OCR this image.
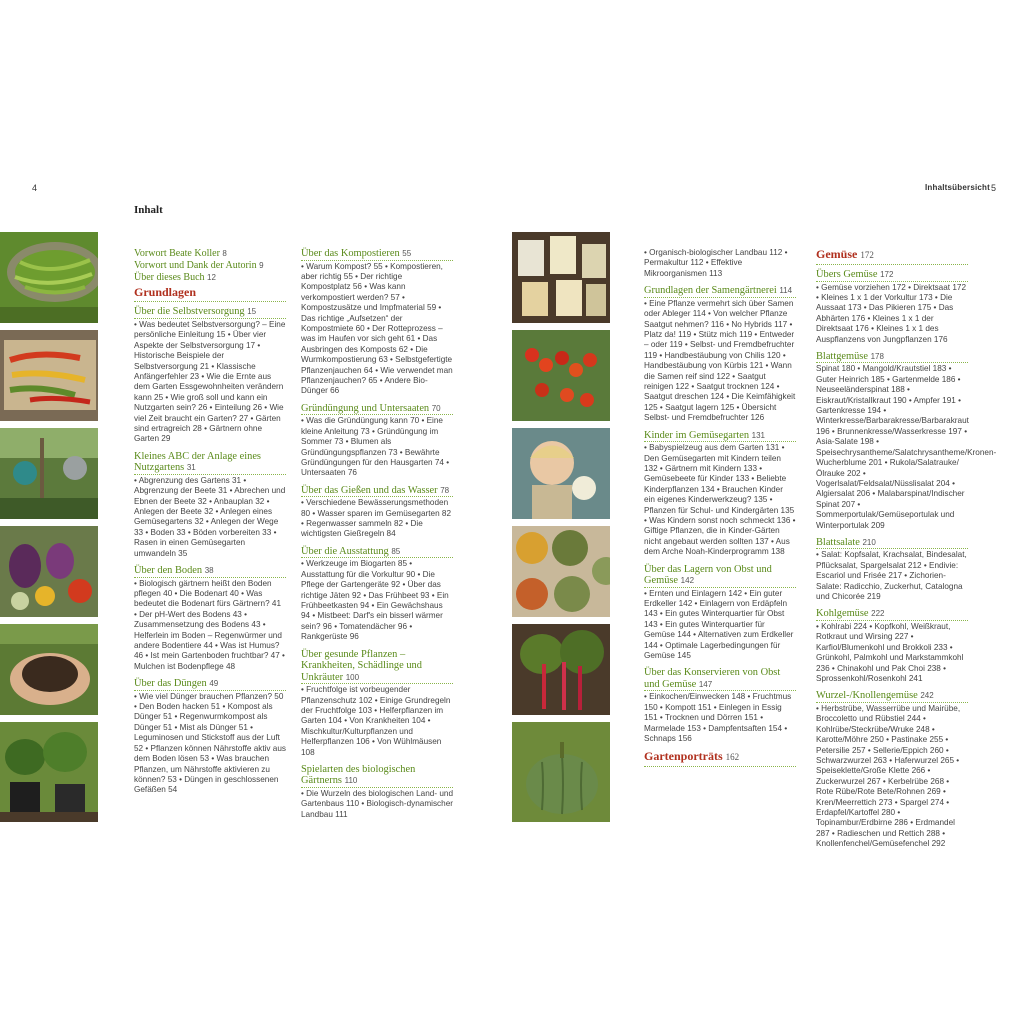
4	5
Inhaltsübersicht
Inhalt
Vorwort Beate Koller 8
Vorwort und Dank der Autorin 9
Über dieses Buch 12
Grundlagen
Über die Selbstversorgung 15

• Was bedeutet Selbstversorgung? – Eine persönliche Einleitung 15 • Über vier Aspekte der Selbstversorgung 17 • Historische Beispiele der Selbstversorgung 21 • Klassische Anfängerfehler 23 • Wie die Ernte aus dem Garten Essgewohnheiten verändern kann 25 • Wie groß soll und kann ein Nutzgarten sein? 26 • Einteilung 26 • Wie viel Zeit braucht ein Garten? 27 • Gärten sind ertragreich 28 • Gärtnern ohne Garten 29

Kleines ABC der Anlage eines Nutzgartens 31

• Abgrenzung des Gartens 31 • Abgrenzung der Beete 31 • Abrechen und Ebnen der Beete 32 • Anbauplan 32 • Anlegen der Beete 32 • Anlegen eines Gemüsegartens 32 • Anlegen der Wege 33 • Boden 33 • Böden vorbereiten 33 • Rasen in einen Gemüsegarten umwandeln 35

Über den Boden 38

• Biologisch gärtnern heißt den Boden pflegen 40 • Die Bodenart 40 • Was bedeutet die Bodenart fürs Gärtnern? 41 • Der pH-Wert des Bodens 43 • Zusammensetzung des Bodens 43 • Helferlein im Boden – Regenwürmer und andere Bodentiere 44 • Was ist Humus? 46 • Ist mein Gartenboden fruchtbar? 47 • Mulchen ist Bodenpflege 48

Über das Düngen 49

• Wie viel Dünger brauchen Pflanzen? 50 • Den Boden hacken 51 • Kompost als Dünger 51 • Regenwurmkompost als Dünger 51 • Mist als Dünger 51 • Leguminosen und Stickstoff aus der Luft 52 • Pflanzen können Nährstoffe aktiv aus dem Boden lösen 53 • Was brauchen Pflanzen, um Nährstoffe aktivieren zu können? 53 • Düngen in geschlossenen Gefäßen 54

Über das Kompostieren 55

• Warum Kompost? 55 • Kompostieren, aber richtig 55 • Der richtige Kompostplatz 56 • Was kann verkompostiert werden? 57 • Kompostzusätze und Impfmaterial 59 • Das richtige „Aufsetzen“ der Kompostmiete 60 • Der Rotteprozess – was im Haufen vor sich geht 61 • Das Ausbringen des Komposts 62 • Die Wurmkompostierung 63 • Selbstgefertigte Pflanzenjauchen 64 • Wie verwendet man Pflanzenjauchen? 65 • Andere Bio-Dünger 66

Gründüngung und Untersaaten 70

• Was die Gründüngung kann 70 • Eine kleine Anleitung 73 • Gründüngung im Sommer 73 • Blumen als Gründüngungspflanzen 73 • Bewährte Gründüngungen für den Hausgarten 74 • Untersaaten 76

Über das Gießen und das Wasser 78

• Verschiedene Bewässerungsmethoden 80 • Wasser sparen im Gemüsegarten 82 • Regenwasser sammeln 82 • Die wichtigsten Gießregeln 84

Über die Ausstattung 85

• Werkzeuge im Biogarten 85 • Ausstattung für die Vorkultur 90 • Die Pflege der Gartengeräte 92 • Über das richtige Jäten 92 • Das Frühbeet 93 • Ein Frühbeetkasten 94 • Ein Gewächshaus 94 • Mistbeet: Darf's ein bisserl wärmer sein? 96 • Tomatendächer 96 • Rankgerüste 96

Über gesunde Pflanzen – Krankheiten, Schädlinge und Unkräuter 100

• Fruchtfolge ist vorbeugender Pflanzenschutz 102 • Einige Grundregeln der Fruchtfolge 103 • Helferpflanzen im Garten 104 • Von Krankheiten 104 • Mischkultur/Kulturpflanzen und Helferpflanzen 106 • Von Wühlmäusen 108

Spielarten des biologischen Gärtnerns 110

• Die Wurzeln des biologischen Land- und Gartenbaus 110 • Biologisch-dynamischer Landbau 111

• Organisch-biologischer Landbau 112 • Permakultur 112 • Effektive Mikroorganismen 113

Grundlagen der Samengärtnerei 114

• Eine Pflanze vermehrt sich über Samen oder Ableger 114 • Von welcher Pflanze Saatgut nehmen? 116 • No Hybrids 117 • Platz da! 119 • Stütz mich 119 • Entweder – oder 119 • Selbst- und Fremdbefruchter 119 • Handbestäubung von Chilis 120 • Handbestäubung von Kürbis 121 • Wann die Samen reif sind 122 • Saatgut reinigen 122 • Saatgut trocknen 124 • Saatgut dreschen 124 • Die Keimfähigkeit 125 • Saatgut lagern 125 • Übersicht Selbst- und Fremdbefruchter 126

Kinder im Gemüsegarten 131

• Babyspielzeug aus dem Garten 131 • Den Gemüsegarten mit Kindern teilen 132 • Gärtnern mit Kindern 133 • Gemüsebeete für Kinder 133 • Beliebte Kinderpflanzen 134 • Brauchen Kinder ein eigenes Kinderwerkzeug? 135 • Pflanzen für Schul- und Kindergärten 135 • Was Kindern sonst noch schmeckt 136 • Giftige Pflanzen, die in Kinder-Gärten nicht angebaut werden sollten 137 • Aus dem Arche Noah-Kinderprogramm 138

Über das Lagern von Obst und Gemüse 142

• Ernten und Einlagern 142 • Ein guter Erdkeller 142 • Einlagern von Erdäpfeln 143 • Ein gutes Winterquartier für Obst 143 • Ein gutes Winterquartier für Gemüse 144 • Alternativen zum Erdkeller 144 • Optimale Lagerbedingungen für Gemüse 145

Über das Konservieren von Obst und Gemüse 147

• Einkochen/Einwecken 148 • Fruchtmus 150 • Kompott 151 • Einlegen in Essig 151 • Trocknen und Dörren 151 • Marmelade 153 • Dampfentsaften 154 • Schnaps 156

Gartenporträts 162
Gemüse 172
Übers Gemüse 172

• Gemüse vorziehen 172 • Direktsaat 172 • Kleines 1 x 1 der Vorkultur 173 • Die Aussaat 173 • Das Pikieren 175 • Das Abhärten 176 • Kleines 1 x 1 der Direktsaat 176 • Kleines 1 x 1 des Auspflanzens von Jungpflanzen 176

Blattgemüse 178

Spinat 180 • Mangold/Krautstiel 183 • Guter Heinrich 185 • Gartenmelde 186 • Neuseeländerspinat 188 • Eiskraut/Kristallkraut 190 • Ampfer 191 • Gartenkresse 194 • Winterkresse/Barbarakresse/Barbarakraut 196 • Brunnenkresse/Wasserkresse 197 • Asia-Salate 198 • Speisechrysantheme/Salatchrysantheme/Kronen-Wucherblume 201 • Rukola/Salatrauke/Ölrauke 202 • Vogerlsalat/Feldsalat/Nüsslisalat 204 • Algiersalat 206 • Malabarspinat/Indischer Spinat 207 • Sommerportulak/Gemüseportulak und Winterportulak 209

Blattsalate 210

• Salat: Kopfsalat, Krachsalat, Bindesalat, Pflücksalat, Spargelsalat 212 • Endivie: Escariol und Frisée 217 • Zichorien-Salate: Radicchio, Zuckerhut, Catalogna und Chicorée 219

Kohlgemüse 222

• Kohlrabi 224 • Kopfkohl, Weißkraut, Rotkraut und Wirsing 227 • Karfiol/Blumenkohl und Brokkoli 233 • Grünkohl, Palmkohl und Markstammkohl 236 • Chinakohl und Pak Choi 238 • Sprossenkohl/Rosenkohl 241

Wurzel-/Knollengemüse 242

• Herbstrübe, Wasserrübe und Mairübe, Broccoletto und Rübstiel 244 • Kohlrübe/Steckrübe/Wruke 248 • Karotte/Möhre 250 • Pastinake 255 • Petersilie 257 • Sellerie/Eppich 260 • Schwarzwurzel 263 • Haferwurzel 265 • Speiseklette/Große Klette 266 • Zuckerwurzel 267 • Kerbelrübe 268 • Rote Rübe/Rote Bete/Rohnen 269 • Kren/Meerrettich 273 • Spargel 274 • Erdapfel/Kartoffel 280 • Topinambur/Erdbirne 286 • Erdmandel 287 • Radieschen und Rettich 288 • Knollenfenchel/Gemüsefenchel 292
